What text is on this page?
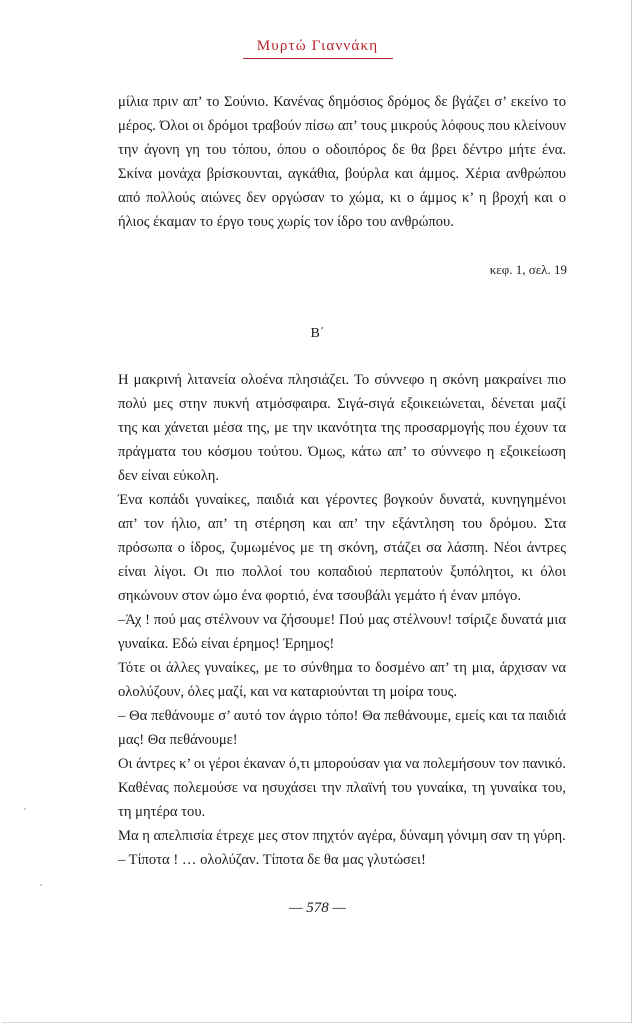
Μυρτώ Γιαννάκη

μίλια πριν απ’ το Σούνιο. Κανένας δημόσιος δρόμος δε βγάζει σ’ εκείνο το μέρος. Όλοι οι δρόμοι τραβούν πίσω απ’ τους μικρούς λόφους που κλείνουν την άγονη γη του τόπου, όπου ο οδοιπόρος δε θα βρει δέντρο μήτε ένα. Σκίνα μονάχα βρίσκουνται, αγκάθια, βούρλα και άμμος. Χέρια ανθρώπου από πολλούς αιώνες δεν οργώσαν το χώμα, κι ο άμμος κ’ η βροχή και ο ήλιος έκαμαν το έργο τους χωρίς τον ίδρο του ανθρώπου.

κεφ. 1, σελ. 19
Β΄

Η μακρινή λιτανεία ολοένα πλησιάζει. Το σύννεφο η σκόνη μακραίνει πιο πολύ μες στην πυκνή ατμόσφαιρα. Σιγά-σιγά εξοικειώνεται, δένεται μαζί της και χάνεται μέσα της, με την ικανότητα της προσαρμογής που έχουν τα πράγματα του κόσμου τούτου. Όμως, κάτω απ’ το σύννεφο η εξοικείωση δεν είναι εύκολη.

Ένα κοπάδι γυναίκες, παιδιά και γέροντες βογκούν δυνατά, κυνηγημένοι απ’ τον ήλιο, απ’ τη στέρηση και απ’ την εξάντληση του δρόμου. Στα πρόσωπα ο ίδρος, ζυμωμένος με τη σκόνη, στάζει σα λάσπη. Νέοι άντρες είναι λίγοι. Οι πιο πολλοί του κοπαδιού περπατούν ξυπόλητοι, κι όλοι σηκώνουν στον ώμο ένα φορτιό, ένα τσουβάλι γεμάτο ή έναν μπόγο.

–Άχ ! πού μας στέλνουν να ζήσουμε! Πού μας στέλνουν! τσίριζε δυνατά μια γυναίκα. Εδώ είναι έρημος! Έρημος!

Τότε οι άλλες γυναίκες, με το σύνθημα το δοσμένο απ’ τη μια, άρχισαν να ολολύζουν, όλες μαζί, και να καταριούνται τη μοίρα τους.

– Θα πεθάνουμε σ’ αυτό τον άγριο τόπο! Θα πεθάνουμε, εμείς και τα παιδιά μας! Θα πεθάνουμε!

Οι άντρες κ’ οι γέροι έκαναν ό,τι μπορούσαν για να πολεμήσουν τον πανικό. Καθένας πολεμούσε να ησυχάσει την πλαϊνή του γυναίκα, τη γυναίκα του, τη μητέρα του.

Μα η απελπισία έτρεχε μες στον πηχτόν αγέρα, δύναμη γόνιμη σαν τη γύρη.

– Τίποτα ! … ολολύζαν. Τίποτα δε θα μας γλυτώσει!

— 578 —
